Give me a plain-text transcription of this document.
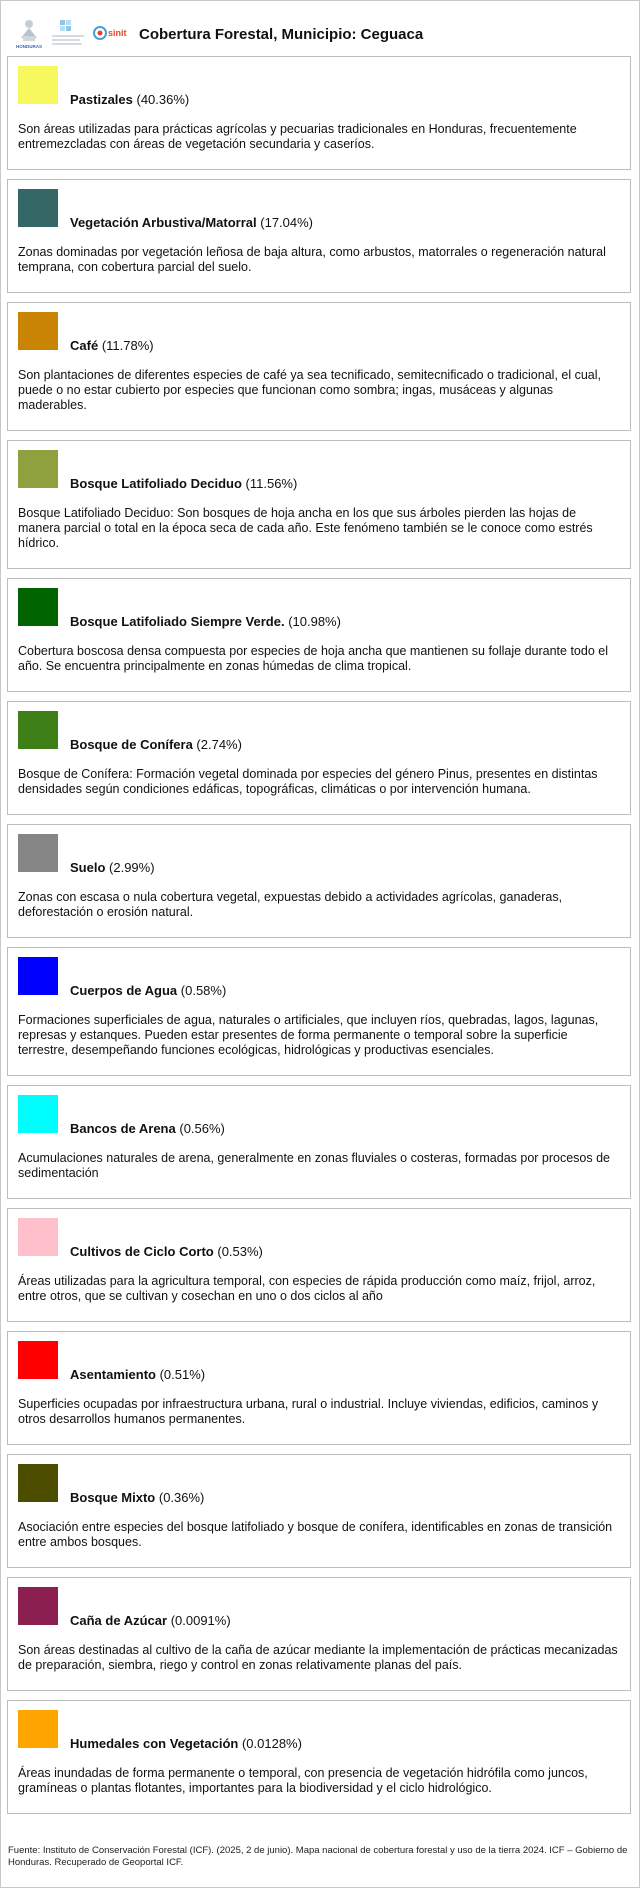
HONDURAS
sinit Cobertura Forestal, Municipio: Ceguaca
Pastizales (40.36%)
Son áreas utilizadas para prácticas agrícolas y pecuarias tradicionales en Honduras, frecuentemente entremezcladas con áreas de vegetación secundaria y caseríos.
Vegetación Arbustiva/Matorral (17.04%)
Zonas dominadas por vegetación leñosa de baja altura, como arbustos, matorrales o regeneración natural temprana, con cobertura parcial del suelo.
Café (11.78%)
Son plantaciones de diferentes especies de café ya sea tecnificado, semitecnificado o tradicional, el cual, puede o no estar cubierto por especies que funcionan como sombra; ingas, musáceas y algunas maderables.
Bosque Latifoliado Deciduo (11.56%)
Bosque Latifoliado Deciduo: Son bosques de hoja ancha en los que sus árboles pierden las hojas de manera parcial o total en la época seca de cada año. Este fenómeno también se le conoce como estrés hídrico.
Bosque Latifoliado Siempre Verde. (10.98%)
Cobertura boscosa densa compuesta por especies de hoja ancha que mantienen su follaje durante todo el año. Se encuentra principalmente en zonas húmedas de clima tropical.
Bosque de Conífera (2.74%)
Bosque de Conífera: Formación vegetal dominada por especies del género Pinus, presentes en distintas densidades según condiciones edáficas, topográficas, climáticas o por intervención humana.
Suelo (2.99%)
Zonas con escasa o nula cobertura vegetal, expuestas debido a actividades agrícolas, ganaderas, deforestación o erosión natural.
Cuerpos de Agua (0.58%)
Formaciones superficiales de agua, naturales o artificiales, que incluyen ríos, quebradas, lagos, lagunas, represas y estanques. Pueden estar presentes de forma permanente o temporal sobre la superficie terrestre, desempeñando funciones ecológicas, hidrológicas y productivas esenciales.
Bancos de Arena (0.56%)
Acumulaciones naturales de arena, generalmente en zonas fluviales o costeras, formadas por procesos de sedimentación
Cultivos de Ciclo Corto (0.53%)
Áreas utilizadas para la agricultura temporal, con especies de rápida producción como maíz, frijol, arroz, entre otros, que se cultivan y cosechan en uno o dos ciclos al año
Asentamiento (0.51%)
Superficies ocupadas por infraestructura urbana, rural o industrial. Incluye viviendas, edificios, caminos y otros desarrollos humanos permanentes.
Bosque Mixto (0.36%)
Asociación entre especies del bosque latifoliado y bosque de conífera, identificables en zonas de transición entre ambos bosques.
Caña de Azúcar (0.0091%)
Son áreas destinadas al cultivo de la caña de azúcar mediante la implementación de prácticas mecanizadas de preparación, siembra, riego y control en zonas relativamente planas del país.
Humedales con Vegetación (0.0128%)
Áreas inundadas de forma permanente o temporal, con presencia de vegetación hidrófila como juncos, gramíneas o plantas flotantes, importantes para la biodiversidad y el ciclo hidrológico.
Fuente: Instituto de Conservación Forestal (ICF). (2025, 2 de junio). Mapa nacional de cobertura forestal y uso de la tierra 2024. ICF – Gobierno de Honduras. Recuperado de Geoportal ICF.
